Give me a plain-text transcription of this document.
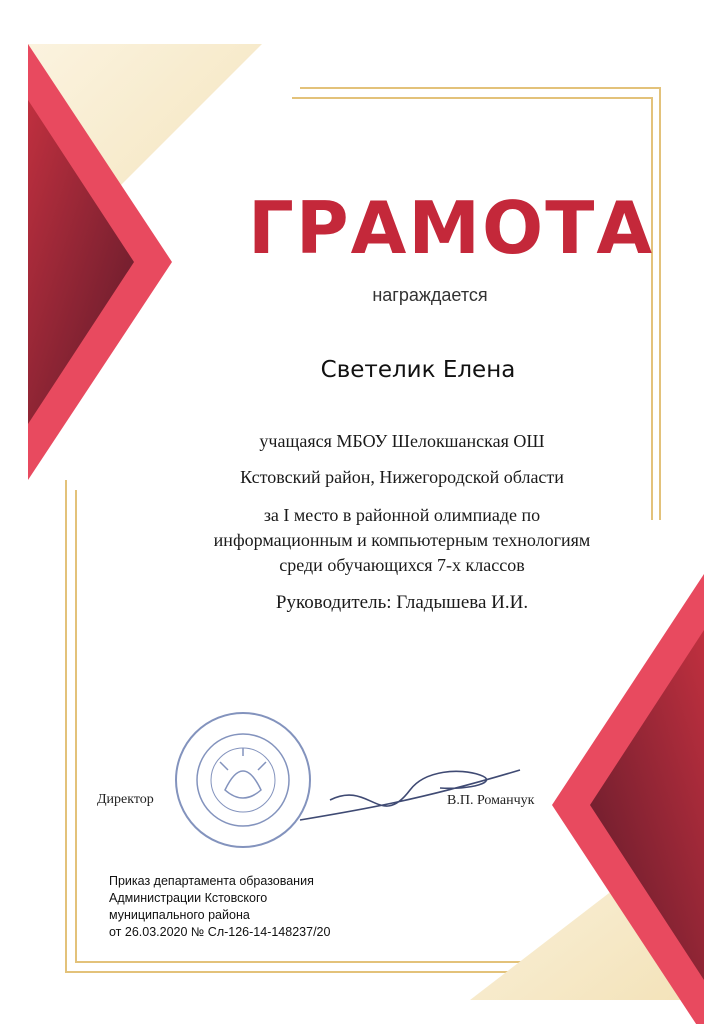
ГРАМОТА
награждается
Светелик Елена
учащаяся МБОУ Шелокшанская ОШ
Кстовский район, Нижегородской области
за I место в районной олимпиаде по
информационным и компьютерным технологиям
среди обучающихся 7-х классов
Руководитель: Гладышева И.И.
Директор	В.П. Романчук
Приказ департамента образования
Администрации Кстовского
муниципального района
от 26.03.2020 № Сл-126-14-148237/20
